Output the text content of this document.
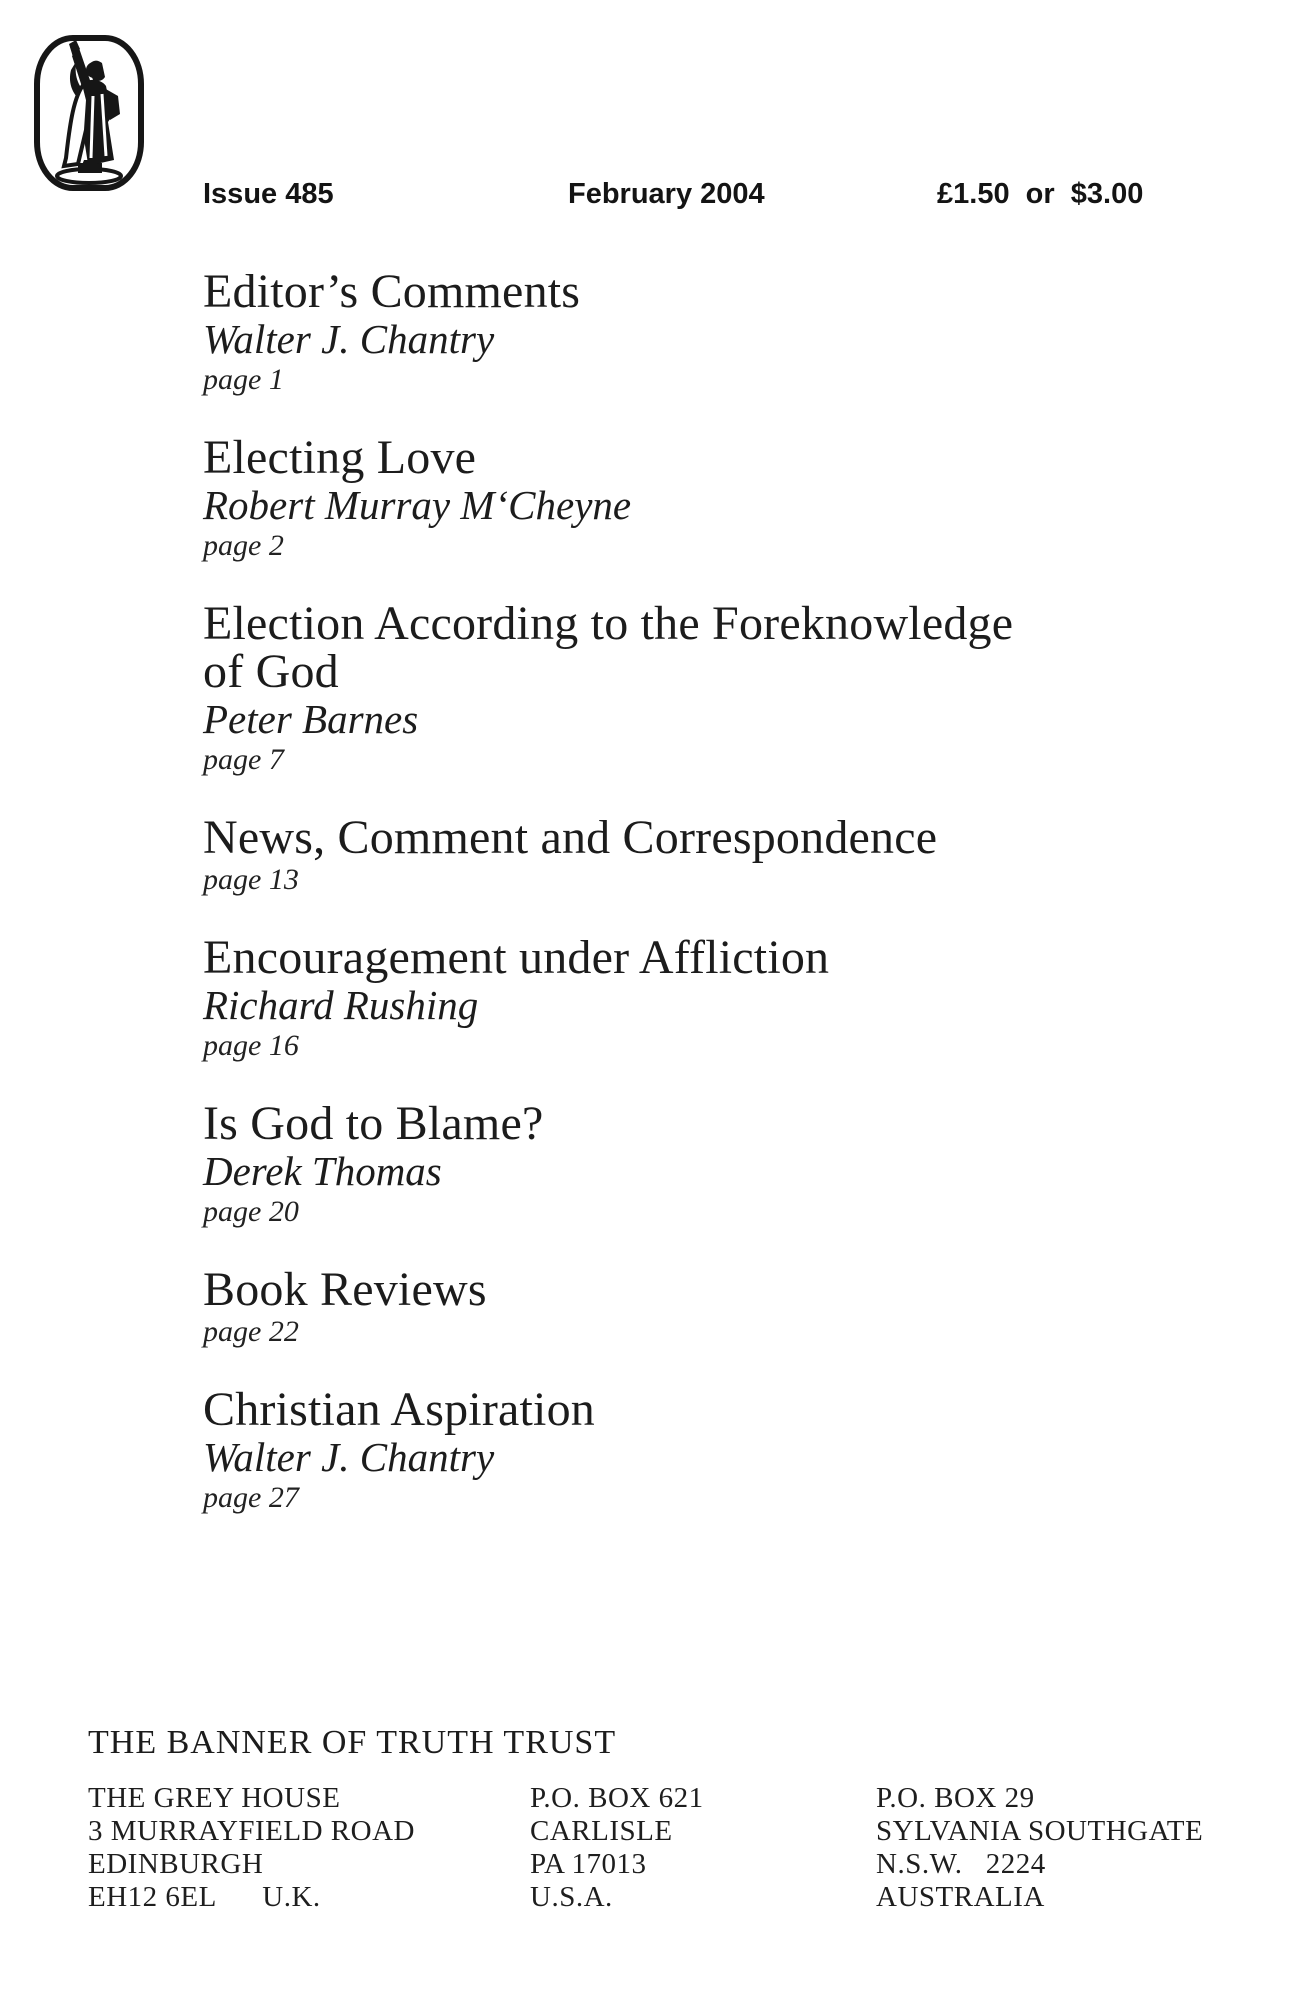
Issue 485	February 2004	£1.50  or  $3.00
Editor’s Comments
Walter J. Chantry
page 1
Electing Love
Robert Murray M‘Cheyne
page 2
Election According to the Foreknowledge
of God
Peter Barnes
page 7
News, Comment and Correspondence
page 13
Encouragement under Affliction
Richard Rushing
page 16
Is God to Blame?
Derek Thomas
page 20
Book Reviews
page 22
Christian Aspiration
Walter J. Chantry
page 27
THE BANNER OF TRUTH TRUST
THE GREY HOUSE
3 MURRAYFIELD ROAD
EDINBURGH
EH12 6EL      U.K.
P.O. BOX 621
CARLISLE
PA 17013
U.S.A.
P.O. BOX 29
SYLVANIA SOUTHGATE
N.S.W.   2224
AUSTRALIA
